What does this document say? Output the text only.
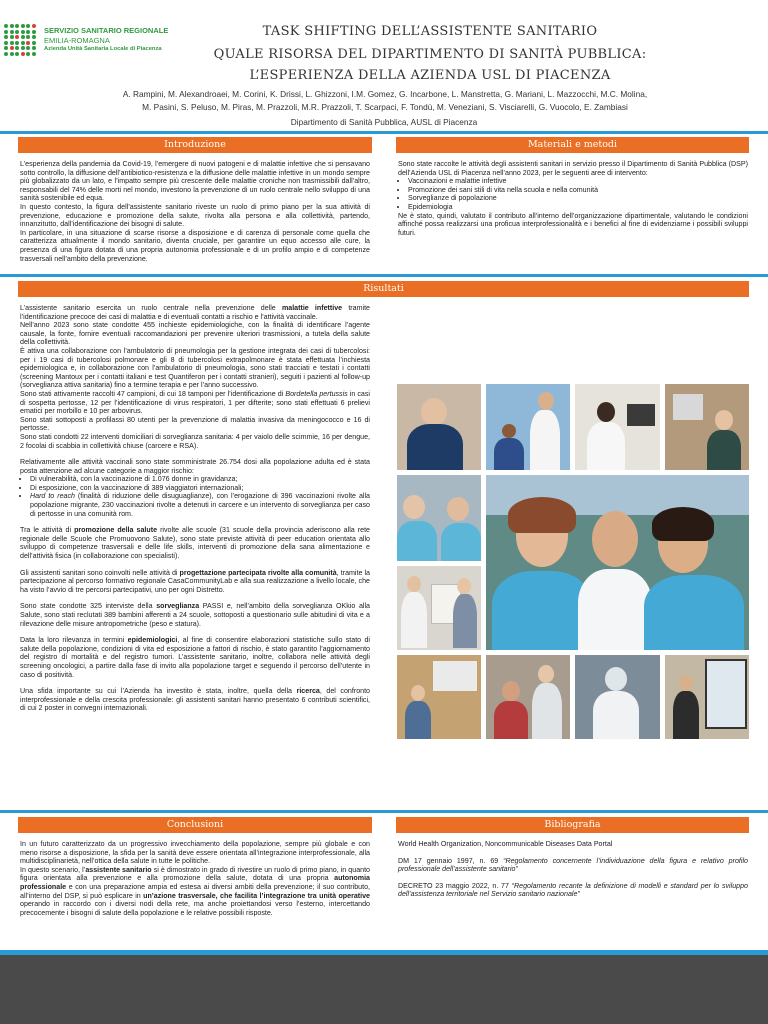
SERVIZIO SANITARIO REGIONALE
EMILIA-ROMAGNA
Azienda Unità Sanitaria Locale di Piacenza
TASK SHIFTING DELL’ASSISTENTE SANITARIO
QUALE RISORSA DEL DIPARTIMENTO DI SANITÀ PUBBLICA:
L’ESPERIENZA DELLA AZIENDA USL DI PIACENZA
A. Rampini, M. Alexandroaei, M. Corini, K. Drissi, L. Ghizzoni, I.M. Gomez, G. Incarbone, L. Manstretta, G. Mariani, L. Mazzocchi, M.C. Molina,
M. Pasini, S. Peluso, M. Piras, M. Prazzoli, M.R. Prazzoli, T. Scarpaci, F. Tondù, M. Veneziani, S. Visciarelli, G. Vuocolo, E. Zambiasi
Dipartimento di Sanità Pubblica, AUSL di Piacenza
Introduzione

L’esperienza della pandemia da Covid-19, l’emergere di nuovi patogeni e di malattie infettive che si pensavano sotto controllo, la diffusione dell’antibiotico-resistenza e la diffusione delle malattie infettive in un mondo sempre più globalizzato da un lato, e l’impatto sempre più crescente delle malattie croniche non trasmissibili dall’altro, responsabili del 74% delle morti nel mondo, investono la prevenzione di un ruolo centrale nello sviluppo di una sanità sostenibile ed equa.

In questo contesto, la figura dell’assistente sanitario riveste un ruolo di primo piano per la sua attività di prevenzione, educazione e promozione della salute, rivolta alla persona e alla collettività, partendo, innanzitutto, dall’identificazione dei bisogni di salute.

In particolare, in una situazione di scarse risorse a disposizione e di carenza di personale come quella che caratterizza attualmente il mondo sanitario, diventa cruciale, per garantire un equo accesso alle cure, la presenza di una figura dotata di una propria autonomia professionale e di un profilo ampio e di competenze trasversali nell’ambito della prevenzione.

Materiali e metodi

Sono state raccolte le attività degli assistenti sanitari in servizio presso il Dipartimento di Sanità Pubblica (DSP) dell’Azienda USL di Piacenza nell’anno 2023, per le seguenti aree di intervento:

• Vaccinazioni e malattie infettive
• Promozione dei sani stili di vita nella scuola e nella comunità
• Sorveglianze di popolazione
• Epidemiologia

Ne è stato, quindi, valutato il contributo all’interno dell’organizzazione dipartimentale, valutando le condizioni affinché possa realizzarsi una proficua interprofessionalità e i benefici al fine di evidenziarne i possibili sviluppi futuri.

Risultati

L’assistente sanitario esercita un ruolo centrale nella prevenzione delle malattie infettive tramite l’identificazione precoce dei casi di malattia e di eventuali contatti a rischio e l’attività vaccinale.

Nell’anno 2023 sono state condotte 455 inchieste epidemiologiche, con la finalità di identificare l’agente causale, la fonte, fornire eventuali raccomandazioni per prevenire ulteriori trasmissioni, a tutela della salute della collettività.

È attiva una collaborazione con l’ambulatorio di pneumologia per la gestione integrata dei casi di tubercolosi: per i 19 casi di tubercolosi polmonare e gli 8 di tubercolosi extrapolmonare è stata effettuata l’inchiesta epidemiologica e, in collaborazione con l’ambulatorio di pneumologia, sono stati tracciati e testati i contatti (screening Mantoux per i contatti italiani e test Quantiferon per i contatti stranieri), seguiti i pazienti al follow-up (sorveglianza attiva sanitaria) fino a termine terapia e per l’anno successivo.

Sono stati attivamente raccolti 47 campioni, di cui 18 tamponi per l’identificazione di Bordetella pertussis in casi di sospetta pertosse, 12 per l’identificazione di virus respiratori, 1 per difterite; sono stati effettuati 6 prelievi ematici per morbillo e 10 per arbovirus.

Sono stati sottoposti a profilassi 80 utenti per la prevenzione di malattia invasiva da meningococco e 16 di pertosse.

Sono stati condotti 22 interventi domiciliari di sorveglianza sanitaria: 4 per vaiolo delle scimmie, 16 per dengue, 2 focolai di scabbia in collettività chiuse (carcere e RSA).

Relativamente alle attività vaccinali sono state somministrate 26.754 dosi alla popolazione adulta ed è stata posta attenzione ad alcune categorie a maggior rischio:

• Di vulnerabilità, con la vaccinazione di 1.076 donne in gravidanza;
• Di esposizione, con la vaccinazione di 389 viaggiatori internazionali;
• Hard to reach (finalità di riduzione delle disuguaglianze), con l’erogazione di 396 vaccinazioni rivolte alla popolazione migrante, 230 vaccinazioni rivolte a detenuti in carcere e un intervento di sorveglianza per caso di pertosse in una comunità rom.

Tra le attività di promozione della salute rivolte alle scuole (31 scuole della provincia aderiscono alla rete regionale delle Scuole che Promuovono Salute), sono state previste attività di peer education orientata allo sviluppo di competenze trasversali e delle life skills, interventi di promozione della sana alimentazione e dell’attività fisica (in collaborazione con specialisti).

Gli assistenti sanitari sono coinvolti nelle attività di progettazione partecipata rivolte alla comunità, tramite la partecipazione al percorso formativo regionale CasaCommunityLab e alla sua realizzazione a livello locale, che ha visto l’avvio di tre percorsi partecipativi, uno per ogni Distretto.

Sono state condotte 325 interviste della sorveglianza PASSI e, nell’ambito della sorveglianza OKkio alla Salute, sono stati reclutati 389 bambini afferenti a 24 scuole, sottoposti a questionario sulle abitudini di vita e a rilevazione delle misure antropometriche (peso e statura).

Data la loro rilevanza in termini epidemiologici, al fine di consentire elaborazioni statistiche sullo stato di salute della popolazione, condizioni di vita ed esposizione a fattori di rischio, è stato garantito l’aggiornamento del registro di mortalità e del registro tumori. L’assistente sanitario, inoltre, collabora nelle attività degli screening oncologici, a partire dalla fase di invito alla popolazione target e seguendo il percorso dell’utente in caso di positività.

Una sfida importante su cui l’Azienda ha investito è stata, inoltre, quella della ricerca, del confronto interprofessionale e della crescita professionale: gli assistenti sanitari hanno presentato 6 contributi scientifici, di cui 2 poster in convegni internazionali.

Conclusioni

In un futuro caratterizzato da un progressivo invecchiamento della popolazione, sempre più globale e con meno risorse a disposizione, la sfida per la sanità deve essere orientata all’integrazione interprofessionale, alla multidisciplinarietà, nell’ottica della salute in tutte le politiche.

In questo scenario, l’assistente sanitario si è dimostrato in grado di rivestire un ruolo di primo piano, in quanto figura orientata alla prevenzione e alla promozione della salute, dotata di una propria autonomia professionale e con una preparazione ampia ed estesa ai diversi ambiti della prevenzione; il suo contributo, all’interno del DSP, si può esplicare in un’azione trasversale, che facilita l’integrazione tra unità operative operando in raccordo con i diversi nodi della rete, ma anche proiettandosi verso l’esterno, intercettando precocemente i bisogni di salute della popolazione e le relative possibili risposte.

Bibliografia

World Health Organization, Noncommunicable Diseases Data Portal

DM 17 gennaio 1997, n. 69 “Regolamento concernente l’individuazione della figura e relativo profilo professionale dell’assistente sanitario”

DECRETO 23 maggio 2022, n. 77 “Regolamento recante la definizione di modelli e standard per lo sviluppo dell’assistenza territoriale nel Servizio sanitario nazionale”
